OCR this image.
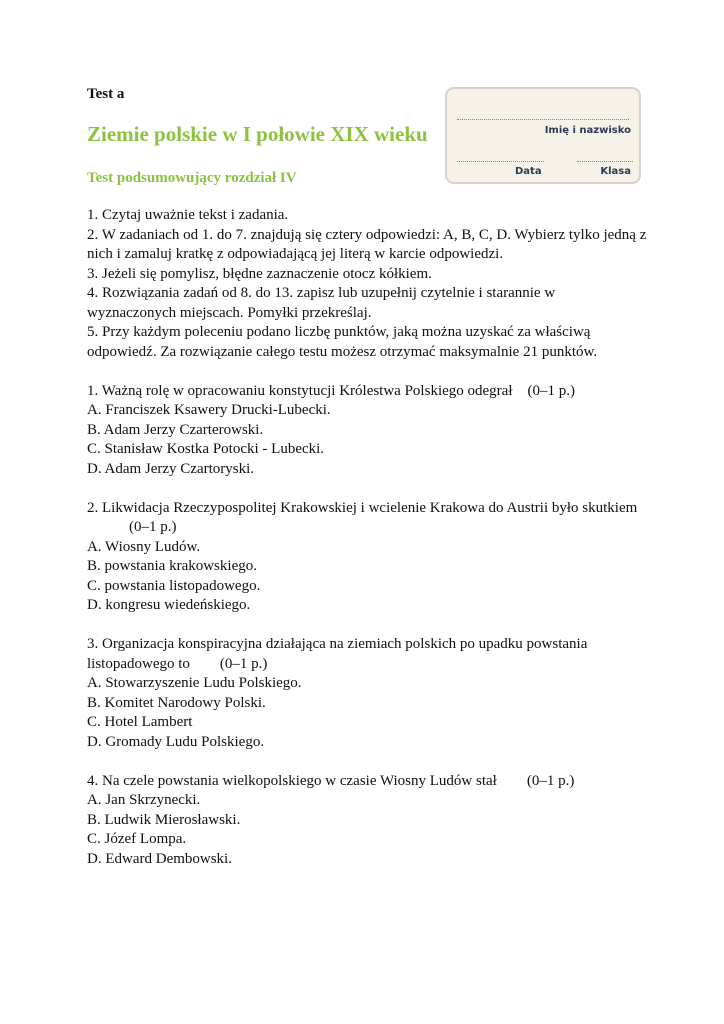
Test a
Ziemie polskie w I połowie XIX wieku
Test podsumowujący rozdział IV
Imię i nazwisko
Data	Klasa

1. Czytaj uważnie tekst i zadania.

2. W zadaniach od 1. do 7. znajdują się cztery odpowiedzi: A, B, C, D. Wybierz tylko jedną z nich i zamaluj kratkę z odpowiadającą jej literą w karcie odpowiedzi.

3. Jeżeli się pomylisz, błędne zaznaczenie otocz kółkiem.

4. Rozwiązania zadań od 8. do 13. zapisz lub uzupełnij czytelnie i starannie w wyznaczonych miejscach. Pomyłki przekreślaj.

5. Przy każdym poleceniu podano liczbę punktów, jaką można uzyskać za właściwą odpowiedź. Za rozwiązanie całego testu możesz otrzymać maksymalnie 21 punktów.

1. Ważną rolę w opracowaniu konstytucji Królestwa Polskiego odegrał (0–1 p.)

A. Franciszek Ksawery Drucki-Lubecki.

B. Adam Jerzy Czarterowski.

C. Stanisław Kostka Potocki - Lubecki.

D. Adam Jerzy Czartoryski.

2. Likwidacja Rzeczypospolitej Krakowskiej i wcielenie Krakowa do Austrii było skutkiem

(0–1 p.)

A. Wiosny Ludów.

B. powstania krakowskiego.

C. powstania listopadowego.

D. kongresu wiedeńskiego.

3. Organizacja konspiracyjna działająca na ziemiach polskich po upadku powstania

listopadowego to (0–1 p.)

A. Stowarzyszenie Ludu Polskiego.

B. Komitet Narodowy Polski.

C. Hotel Lambert

D. Gromady Ludu Polskiego.

4. Na czele powstania wielkopolskiego w czasie Wiosny Ludów stał (0–1 p.)

A. Jan Skrzynecki.

B. Ludwik Mierosławski.

C. Józef Lompa.

D. Edward Dembowski.
